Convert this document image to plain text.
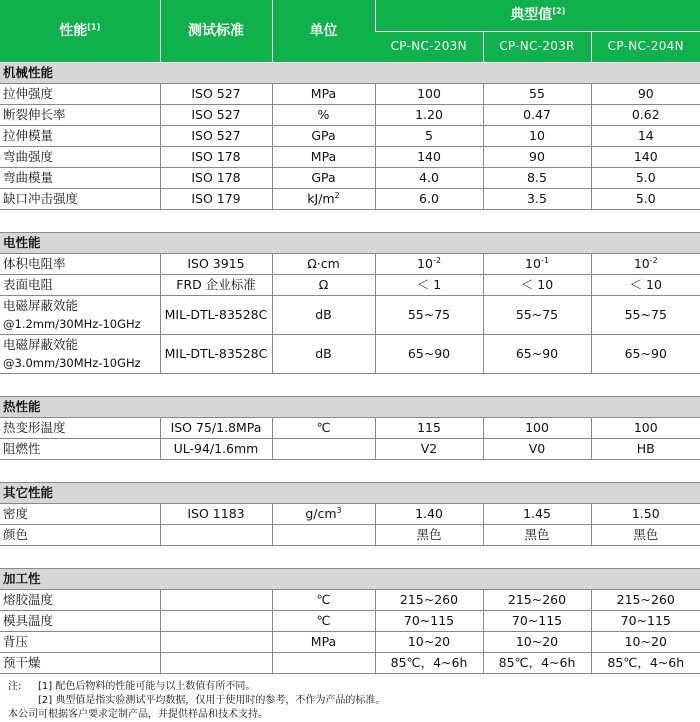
性能[1]	测试标准	单位	典型值[2]
			CP-NC-203N	CP-NC-203R	CP-NC-204N
机械性能					

拉伸强度	ISO 527	MPa	100	55	90

断裂伸长率	ISO 527	%	1.20	0.47	0.62

拉伸模量	ISO 527	GPa	5	10	14

弯曲强度	ISO 178	MPa	140	90	140

弯曲模量	ISO 178	GPa	4.0	8.5	5.0

缺口冲击强度	ISO 179	$kJ/m^2$	6.0	3.5	5.0

电性能					

体积电阻率	ISO 3915	Ω·cm	$10^{-2}$	$10^{-1}$	$10^{-2}$

表面电阻	FRD 企业标准	Ω	＜ 1	＜ 10	＜ 10

电磁屏蔽效能
@1.2mm/30MHz-10GHz	MIL-DTL-83528C	dB	55~75	55~75	55~75

电磁屏蔽效能
@3.0mm/30MHz-10GHz	MIL-DTL-83528C	dB	65~90	65~90	65~90

热性能					

热变形温度	ISO 75/1.8MPa	℃	115	100	100

阻燃性	UL-94/1.6mm		V2	V0	HB

其它性能					

密度	ISO 1183	$g/cm^3$	1.40	1.45	1.50

颜色			黑色	黑色	黑色

加工性					

熔胶温度		℃	215~260	215~260	215~260

模具温度		℃	70~115	70~115	70~115

背压		MPa	10~20	10~20	10~20

预干燥			85℃，4~6h	85℃，4~6h	85℃，4~6h
注:	[1] 配色后物料的性能可能与以上数值有所不同。
[2] 典型值是指实验测试平均数据，仅用于使用时的参考，不作为产品的标准。
本公司可根据客户要求定制产品，并提供样品和技术支持。
